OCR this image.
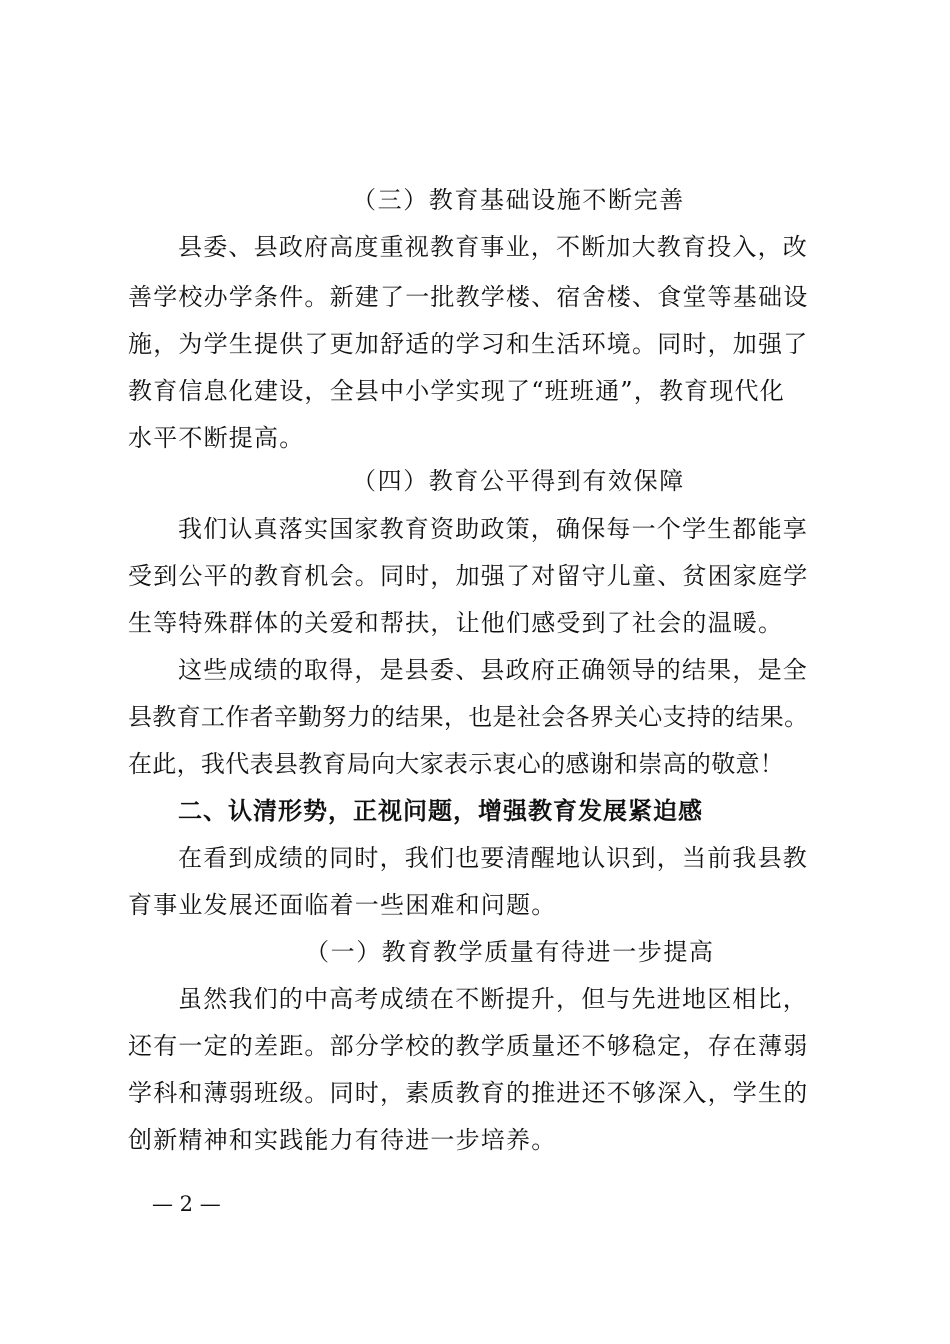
（三）教育基础设施不断完善
县委、县政府高度重视教育事业，不断加大教育投入，改
善学校办学条件。新建了一批教学楼、宿舍楼、食堂等基础设
施，为学生提供了更加舒适的学习和生活环境。同时，加强了
教育信息化建设，全县中小学实现了“班班通”，教育现代化
水平不断提高。
（四）教育公平得到有效保障
我们认真落实国家教育资助政策，确保每一个学生都能享
受到公平的教育机会。同时，加强了对留守儿童、贫困家庭学
生等特殊群体的关爱和帮扶，让他们感受到了社会的温暖。
这些成绩的取得，是县委、县政府正确领导的结果，是全
县教育工作者辛勤努力的结果，也是社会各界关心支持的结果。
在此，我代表县教育局向大家表示衷心的感谢和崇高的敬意！
二、认清形势，正视问题，增强教育发展紧迫感
在看到成绩的同时，我们也要清醒地认识到，当前我县教
育事业发展还面临着一些困难和问题。
（一）教育教学质量有待进一步提高
虽然我们的中高考成绩在不断提升，但与先进地区相比，
还有一定的差距。部分学校的教学质量还不够稳定，存在薄弱
学科和薄弱班级。同时，素质教育的推进还不够深入，学生的
创新精神和实践能力有待进一步培养。
— 2 —
